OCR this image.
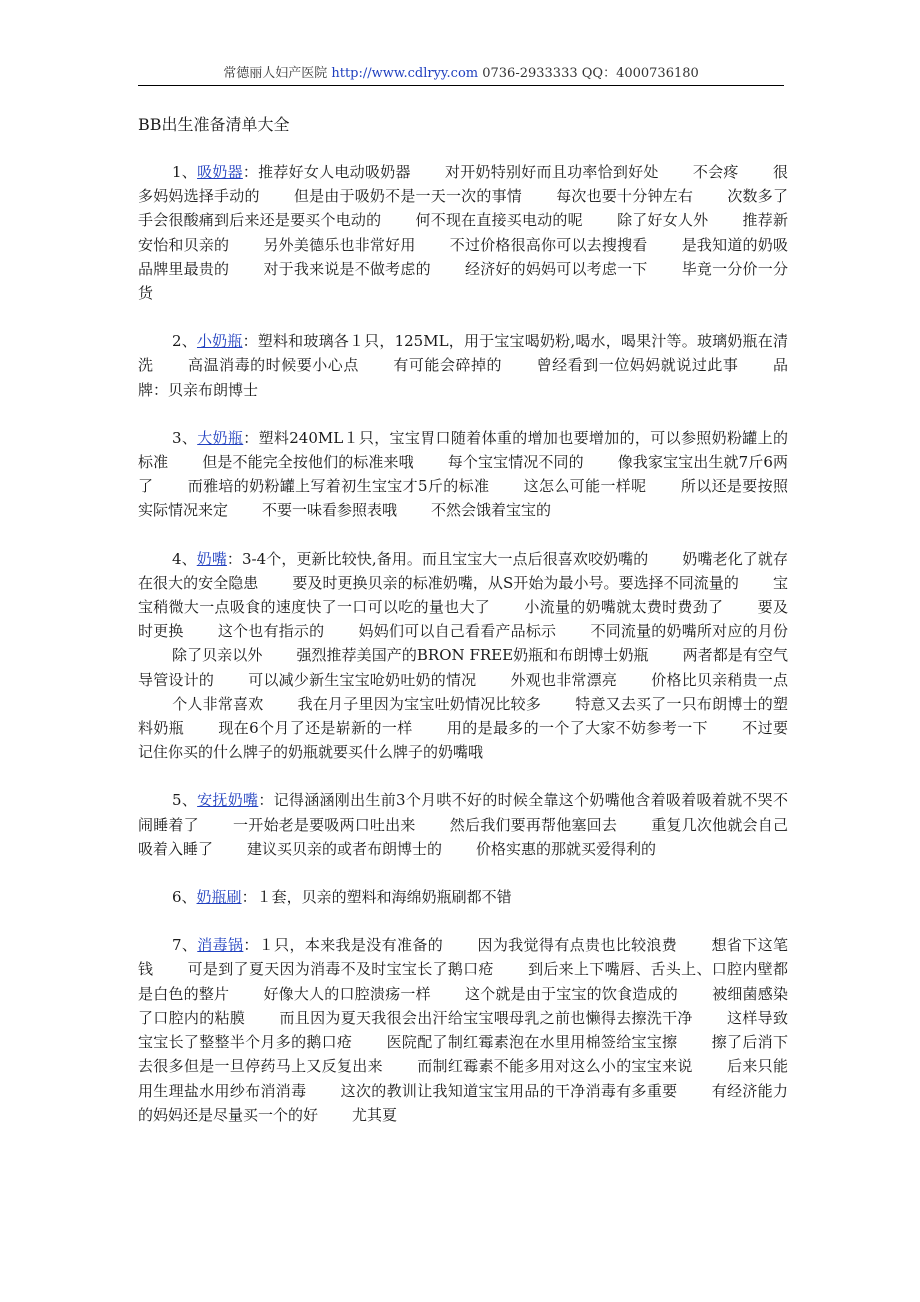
常德丽人妇产医院 http://www.cdlryy.com 0736-2933333 QQ：4000736180
BB出生准备清单大全

1、吸奶器：推荐好女人电动吸奶器 对开奶特别好而且功率恰到好处 不会疼 很多妈妈选择手动的 但是由于吸奶不是一天一次的事情 每次也要十分钟左右 次数多了手会很酸痛到后来还是要买个电动的 何不现在直接买电动的呢 除了好女人外 推荐新安怡和贝亲的 另外美德乐也非常好用 不过价格很高你可以去搜搜看 是我知道的奶吸品牌里最贵的 对于我来说是不做考虑的 经济好的妈妈可以考虑一下 毕竟一分价一分货

2、小奶瓶：塑料和玻璃各１只，125ML，用于宝宝喝奶粉,喝水，喝果汁等。玻璃奶瓶在清洗 高温消毒的时候要小心点 有可能会碎掉的 曾经看到一位妈妈就说过此事 品牌：贝亲布朗博士

3、大奶瓶：塑料240ML１只，宝宝胃口随着体重的增加也要增加的，可以参照奶粉罐上的标准 但是不能完全按他们的标准来哦 每个宝宝情况不同的 像我家宝宝出生就7斤6两了 而雅培的奶粉罐上写着初生宝宝才5斤的标准 这怎么可能一样呢 所以还是要按照实际情况来定 不要一味看参照表哦 不然会饿着宝宝的

4、奶嘴：3-4个，更新比较快,备用。而且宝宝大一点后很喜欢咬奶嘴的 奶嘴老化了就存在很大的安全隐患 要及时更换贝亲的标准奶嘴，从S开始为最小号。要选择不同流量的 宝宝稍微大一点吸食的速度快了一口可以吃的量也大了 小流量的奶嘴就太费时费劲了 要及时更换 这个也有指示的 妈妈们可以自己看看产品标示 不同流量的奶嘴所对应的月份除了贝亲以外 强烈推荐美国产的BRON FREE奶瓶和布朗博士奶瓶 两者都是有空气导管设计的 可以减少新生宝宝呛奶吐奶的情况 外观也非常漂亮 价格比贝亲稍贵一点个人非常喜欢 我在月子里因为宝宝吐奶情况比较多 特意又去买了一只布朗博士的塑料奶瓶 现在6个月了还是崭新的一样 用的是最多的一个了大家不妨参考一下 不过要记住你买的什么牌子的奶瓶就要买什么牌子的奶嘴哦

5、安抚奶嘴：记得涵涵刚出生前3个月哄不好的时候全靠这个奶嘴他含着吸着吸着就不哭不闹睡着了 一开始老是要吸两口吐出来 然后我们要再帮他塞回去 重复几次他就会自己吸着入睡了 建议买贝亲的或者布朗博士的 价格实惠的那就买爱得利的

6、奶瓶刷：１套，贝亲的塑料和海绵奶瓶刷都不错

7、消毒锅：１只，本来我是没有准备的 因为我觉得有点贵也比较浪费 想省下这笔钱 可是到了夏天因为消毒不及时宝宝长了鹅口疮 到后来上下嘴唇、舌头上、口腔内壁都是白色的整片 好像大人的口腔溃疡一样 这个就是由于宝宝的饮食造成的 被细菌感染了口腔内的粘膜 而且因为夏天我很会出汗给宝宝喂母乳之前也懒得去擦洗干净 这样导致宝宝长了整整半个月多的鹅口疮 医院配了制红霉素泡在水里用棉签给宝宝擦 擦了后消下去很多但是一旦停药马上又反复出来 而制红霉素不能多用对这么小的宝宝来说 后来只能用生理盐水用纱布消消毒 这次的教训让我知道宝宝用品的干净消毒有多重要 有经济能力的妈妈还是尽量买一个的好 尤其夏
